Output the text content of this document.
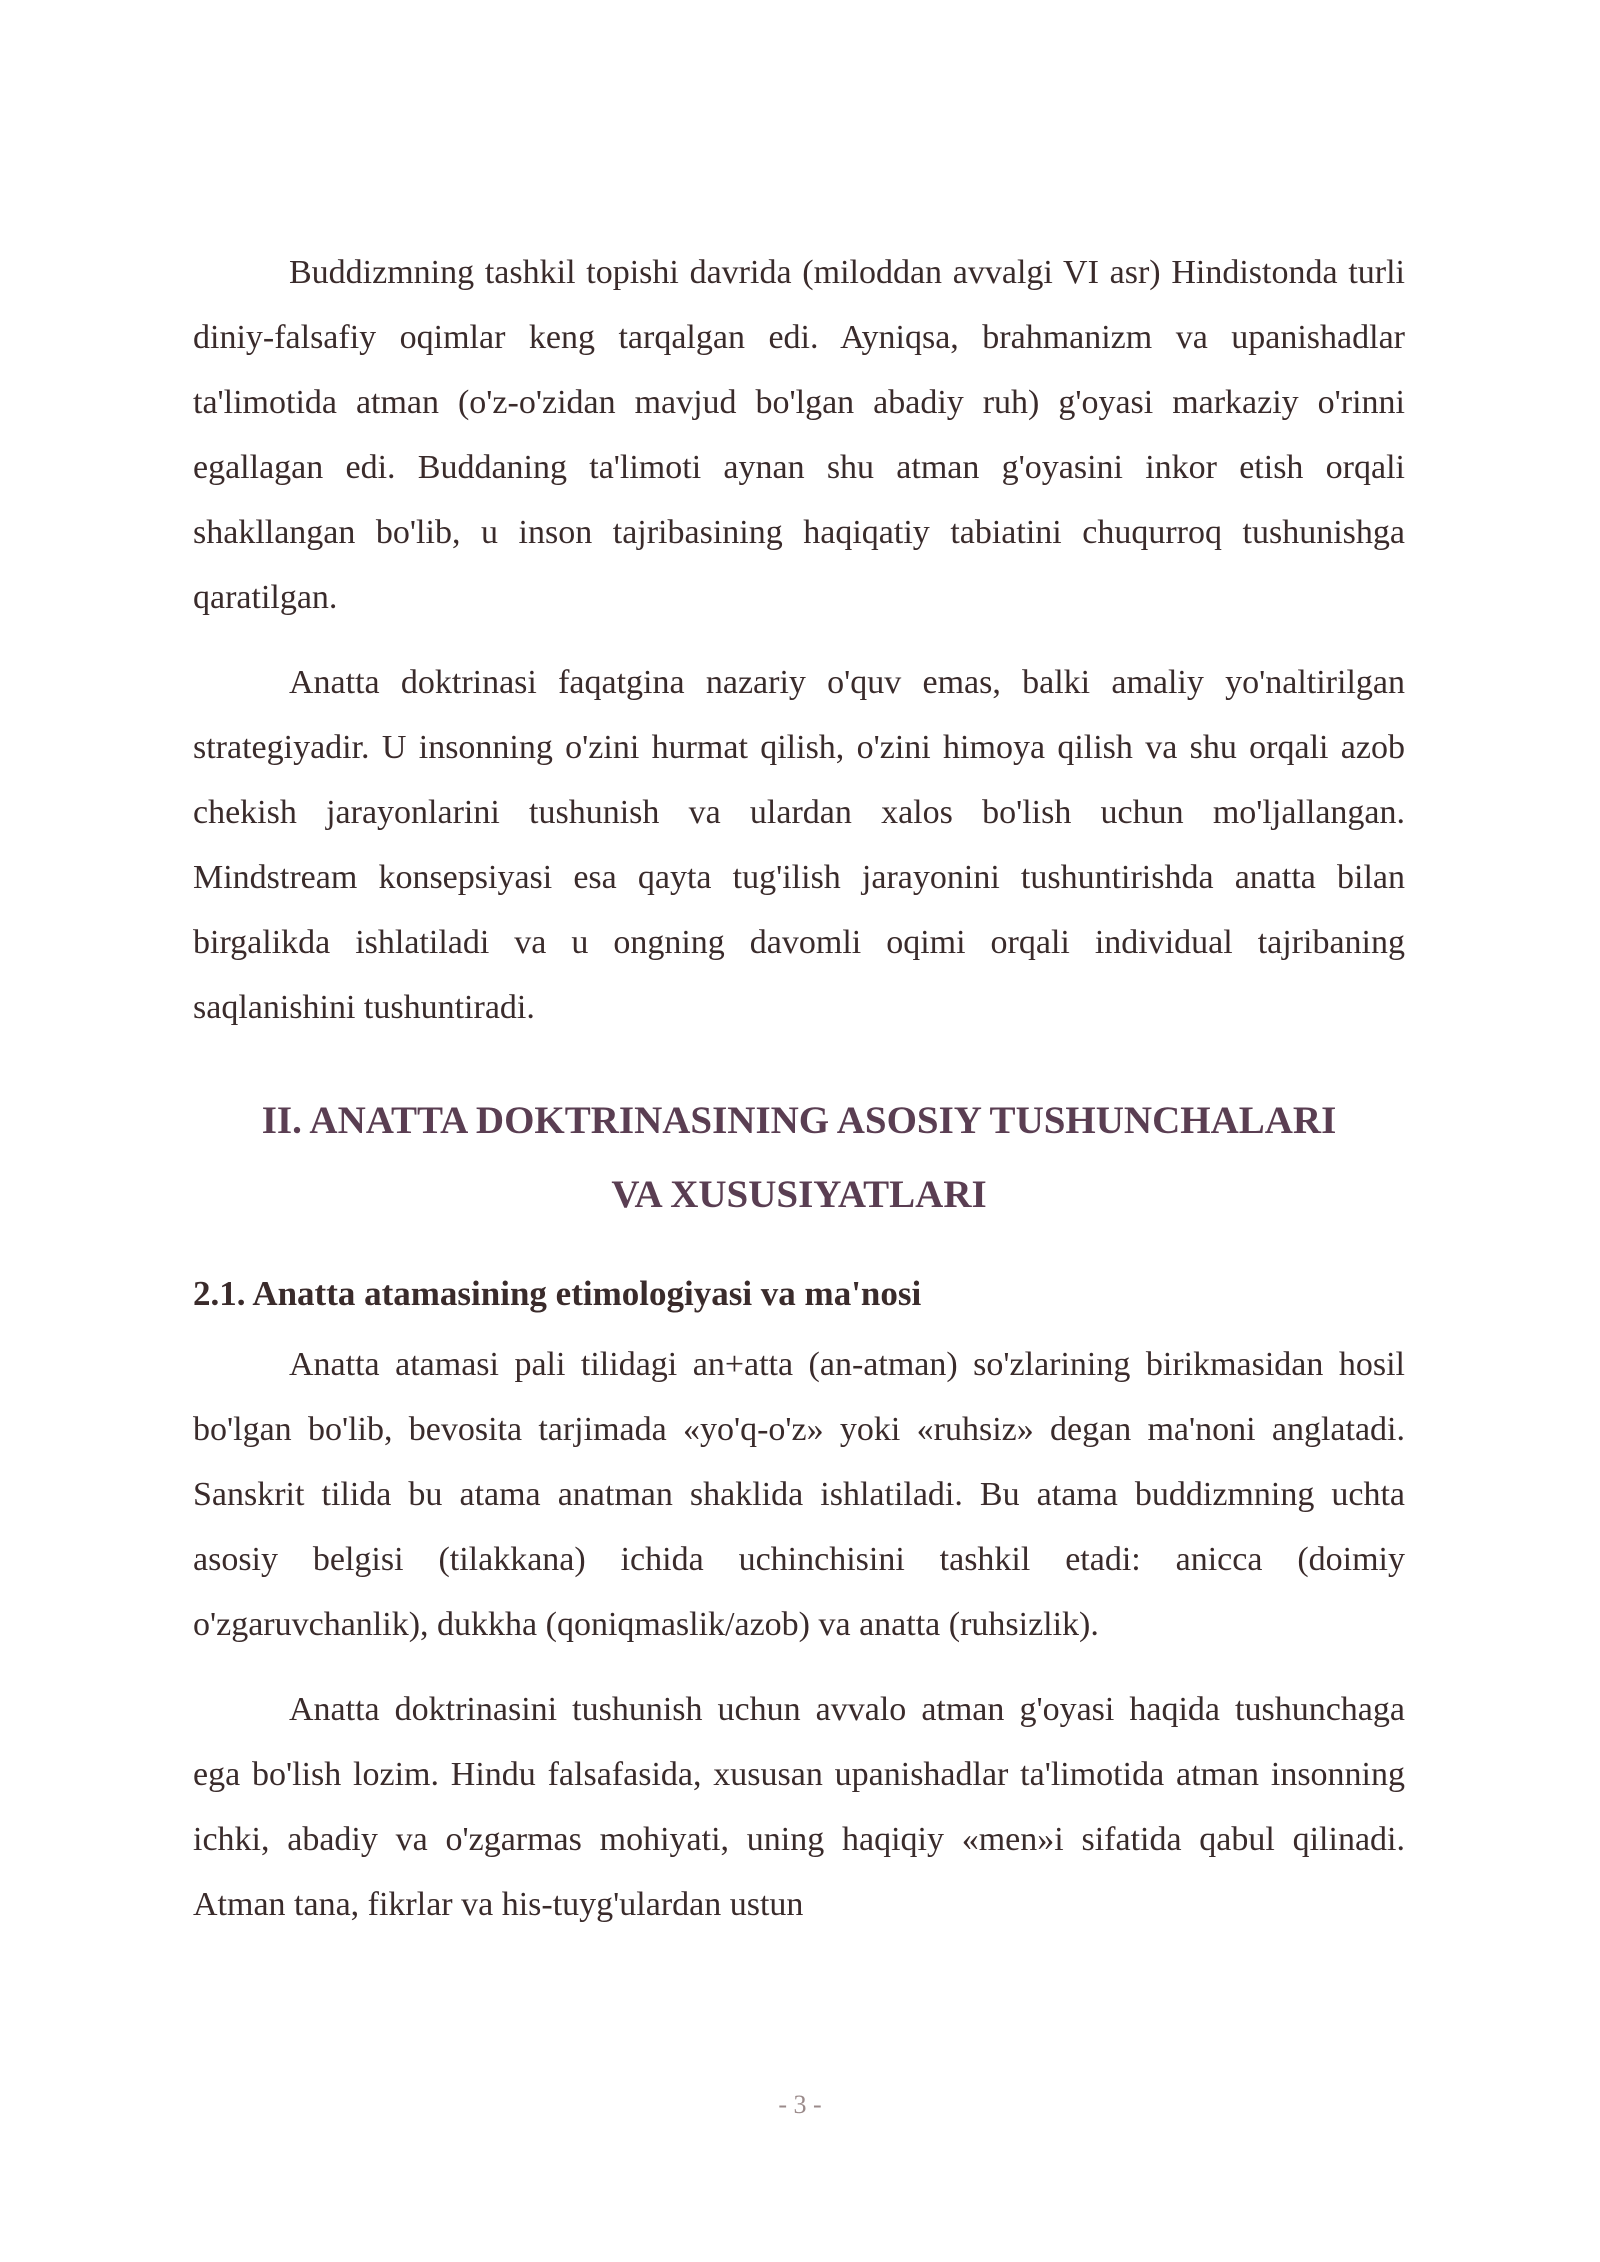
Buddizmning tashkil topishi davrida (miloddan avvalgi VI asr) Hindistonda turli diniy-falsafiy oqimlar keng tarqalgan edi. Ayniqsa, brahmanizm va upanishadlar ta'limotida atman (o'z-o'zidan mavjud bo'lgan abadiy ruh) g'oyasi markaziy o'rinni egallagan edi. Buddaning ta'limoti aynan shu atman g'oyasini inkor etish orqali shakllangan bo'lib, u inson tajribasining haqiqatiy tabiatini chuqurroq tushunishga qaratilgan.

Anatta doktrinasi faqatgina nazariy o'quv emas, balki amaliy yo'naltirilgan strategiyadir. U insonning o'zini hurmat qilish, o'zini himoya qilish va shu orqali azob chekish jarayonlarini tushunish va ulardan xalos bo'lish uchun mo'ljallangan. Mindstream konsepsiyasi esa qayta tug'ilish jarayonini tushuntirishda anatta bilan birgalikda ishlatiladi va u ongning davomli oqimi orqali individual tajribaning saqlanishini tushuntiradi.

II. ANATTA DOKTRINASINING ASOSIY TUSHUNCHALARI
VA XUSUSIYATLARI
2.1. Anatta atamasining etimologiyasi va ma'nosi

Anatta atamasi pali tilidagi an+atta (an-atman) so'zlarining birikmasidan hosil bo'lgan bo'lib, bevosita tarjimada «yo'q-o'z» yoki «ruhsiz» degan ma'noni anglatadi. Sanskrit tilida bu atama anatman shaklida ishlatiladi. Bu atama buddizmning uchta asosiy belgisi (tilakkana) ichida uchinchisini tashkil etadi: anicca (doimiy o'zgaruvchanlik), dukkha (qoniqmaslik/azob) va anatta (ruhsizlik).

Anatta doktrinasini tushunish uchun avvalo atman g'oyasi haqida tushunchaga ega bo'lish lozim. Hindu falsafasida, xususan upanishadlar ta'limotida atman insonning ichki, abadiy va o'zgarmas mohiyati, uning haqiqiy «men»i sifatida qabul qilinadi. Atman tana, fikrlar va his-tuyg'ulardan ustun

- 3 -
